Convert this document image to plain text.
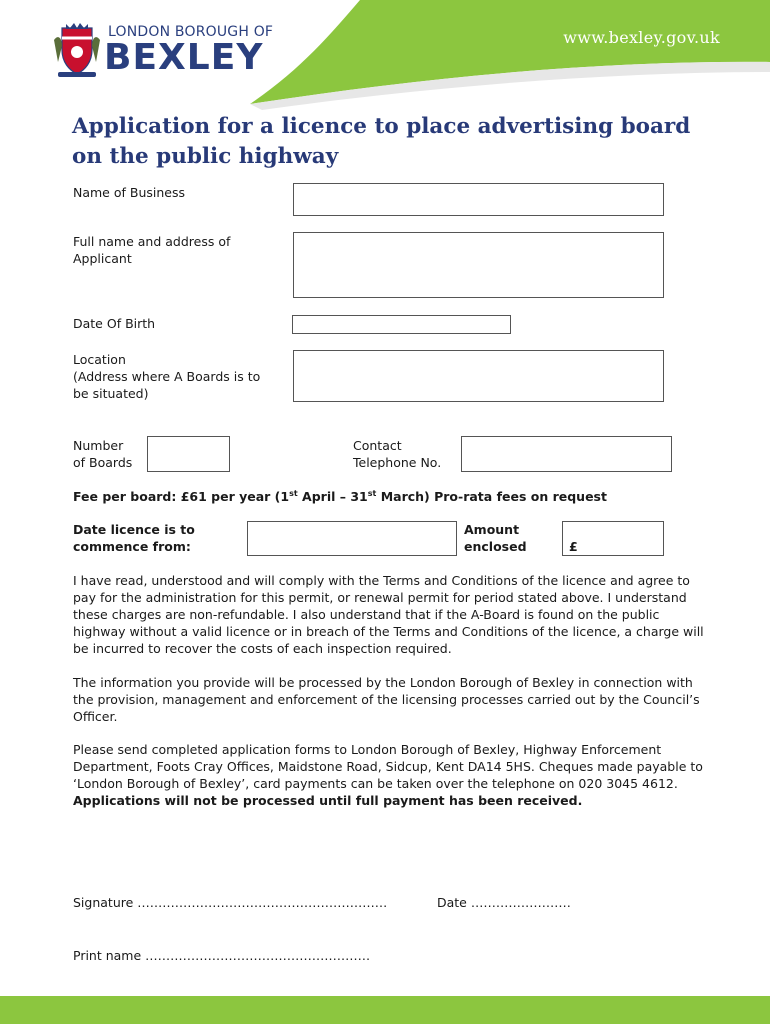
www.bexley.gov.uk
LONDON BOROUGH OF
BEXLEY
Application for a licence to place advertising board on the public highway
Name of Business
Full name and address of
Applicant
Date Of Birth
Location
(Address where A Boards is to
be situated)
Number
of Boards
Contact
Telephone No.
Fee per board: £61 per year (1st April – 31st March) Pro-rata fees on request
Date licence is to
commence from:
Amount
enclosed	£
I have read, understood and will comply with the Terms and Conditions of the licence and agree to pay for the administration for this permit, or renewal permit for period stated above. I understand these charges are non-refundable. I also understand that if the A-Board is found on the public highway without a valid licence or in breach of the Terms and Conditions of the licence, a charge will be incurred to recover the costs of each inspection required.
The information you provide will be processed by the London Borough of Bexley in connection with the provision, management and enforcement of the licensing processes carried out by the Council’s Officer.
Please send completed application forms to London Borough of Bexley, Highway Enforcement Department, Foots Cray Offices, Maidstone Road, Sidcup, Kent DA14 5HS. Cheques made payable to ‘London Borough of Bexley’, card payments can be taken over the telephone on 020 3045 4612.
Applications will not be processed until full payment has been received.
Signature ……………………………………………………	Date ……………………
Print name ………………………………………………
